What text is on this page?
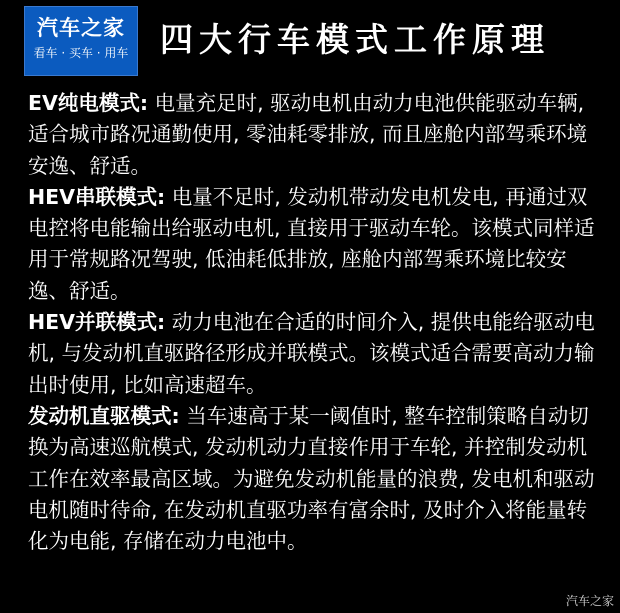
汽车之家
看车 · 买车 · 用车 四大行车模式工作原理

EV纯电模式: 电量充足时, 驱动电机由动力电池供能驱动车辆, 适合城市路况通勤使用, 零油耗零排放, 而且座舱内部驾乘环境安逸、舒适。

HEV串联模式: 电量不足时, 发动机带动发电机发电, 再通过双电控将电能输出给驱动电机, 直接用于驱动车轮。该模式同样适用于常规路况驾驶, 低油耗低排放, 座舱内部驾乘环境比较安逸、舒适。

HEV并联模式: 动力电池在合适的时间介入, 提供电能给驱动电机, 与发动机直驱路径形成并联模式。该模式适合需要高动力输出时使用, 比如高速超车。

发动机直驱模式: 当车速高于某一阈值时, 整车控制策略自动切换为高速巡航模式, 发动机动力直接作用于车轮, 并控制发动机工作在效率最高区域。为避免发动机能量的浪费, 发电机和驱动电机随时待命, 在发动机直驱功率有富余时, 及时介入将能量转化为电能, 存储在动力电池中。

汽车之家
